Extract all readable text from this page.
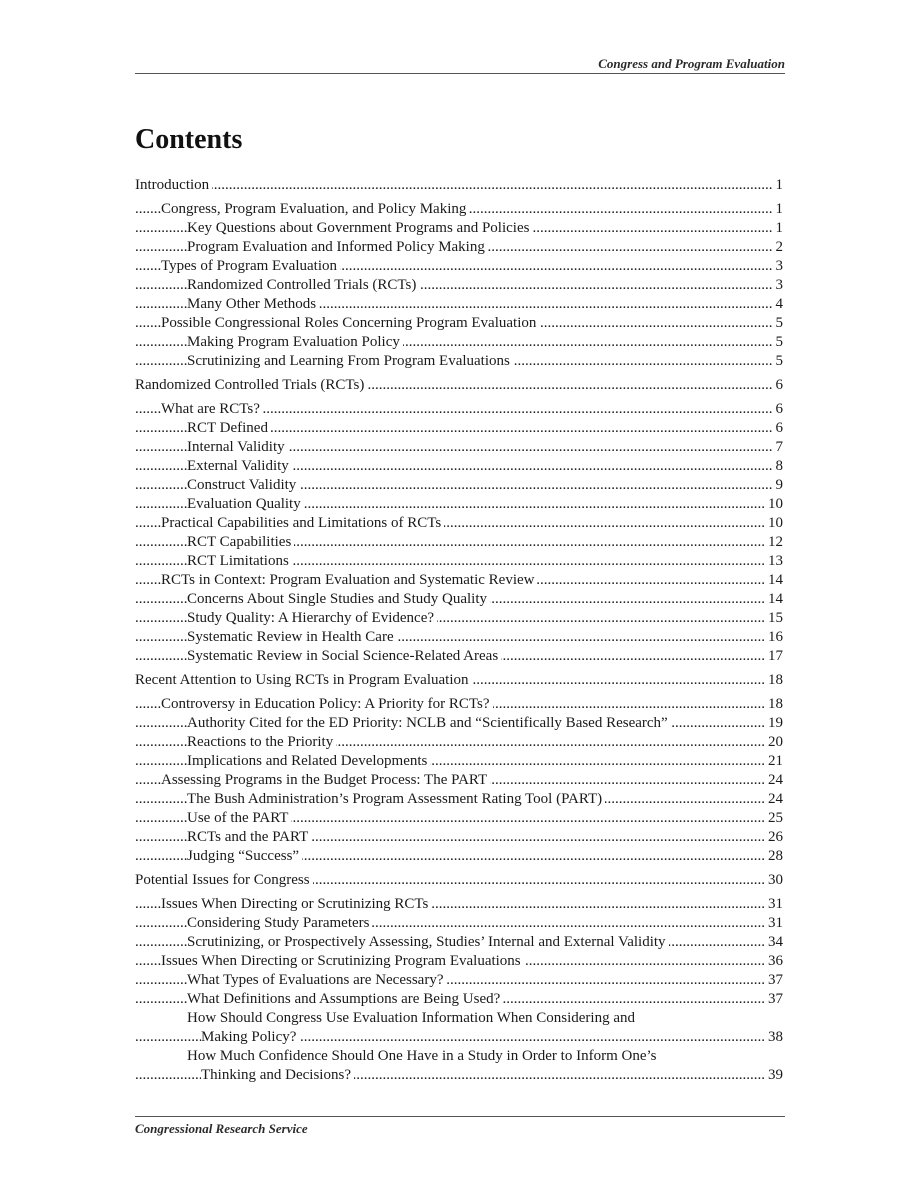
Congress and Program Evaluation
Contents
Introduction	1
.....
Congress, Program Evaluation, and Policy Making	1
.....
Key Questions about Government Programs and Policies	1
.....
Program Evaluation and Informed Policy Making	2
.....
Types of Program Evaluation	3
.....
Randomized Controlled Trials (RCTs)	3
.....
Many Other Methods	4
.....
Possible Congressional Roles Concerning Program Evaluation	5
.....
Making Program Evaluation Policy	5
.....
Scrutinizing and Learning From Program Evaluations	5
.....
Randomized Controlled Trials (RCTs)	6
.....
What are RCTs?	6
.....
RCT Defined	6
.....
Internal Validity	7
.....
External Validity	8
.....
Construct Validity	9
.....
Evaluation Quality	10
.....
Practical Capabilities and Limitations of RCTs	10
.....
RCT Capabilities	12
.....
RCT Limitations	13
.....
RCTs in Context: Program Evaluation and Systematic Review	14
.....
Concerns About Single Studies and Study Quality	14
.....
Study Quality: A Hierarchy of Evidence?	15
.....
Systematic Review in Health Care	16
.....
Systematic Review in Social Science-Related Areas	17
.....
Recent Attention to Using RCTs in Program Evaluation	18
.....
Controversy in Education Policy: A Priority for RCTs?	18
.....
Authority Cited for the ED Priority: NCLB and “Scientifically Based Research”	19
.....
Reactions to the Priority	20
.....
Implications and Related Developments	21
.....
Assessing Programs in the Budget Process: The PART	24
.....
The Bush Administration’s Program Assessment Rating Tool (PART)	24
.....
Use of the PART	25
.....
RCTs and the PART	26
.....
Judging “Success”	28
.....
Potential Issues for Congress	30
.....
Issues When Directing or Scrutinizing RCTs	31
.....
Considering Study Parameters	31
.....
Scrutinizing, or Prospectively Assessing, Studies’ Internal and External Validity	34
.....
Issues When Directing or Scrutinizing Program Evaluations	36
.....
What Types of Evaluations are Necessary?	37
.....
What Definitions and Assumptions are Being Used?	37
.....
How Should Congress Use Evaluation Information When Considering and
Making Policy?	38
.....
How Much Confidence Should One Have in a Study in Order to Inform One’s
Thinking and Decisions?	39
.....
Congressional Research Service
